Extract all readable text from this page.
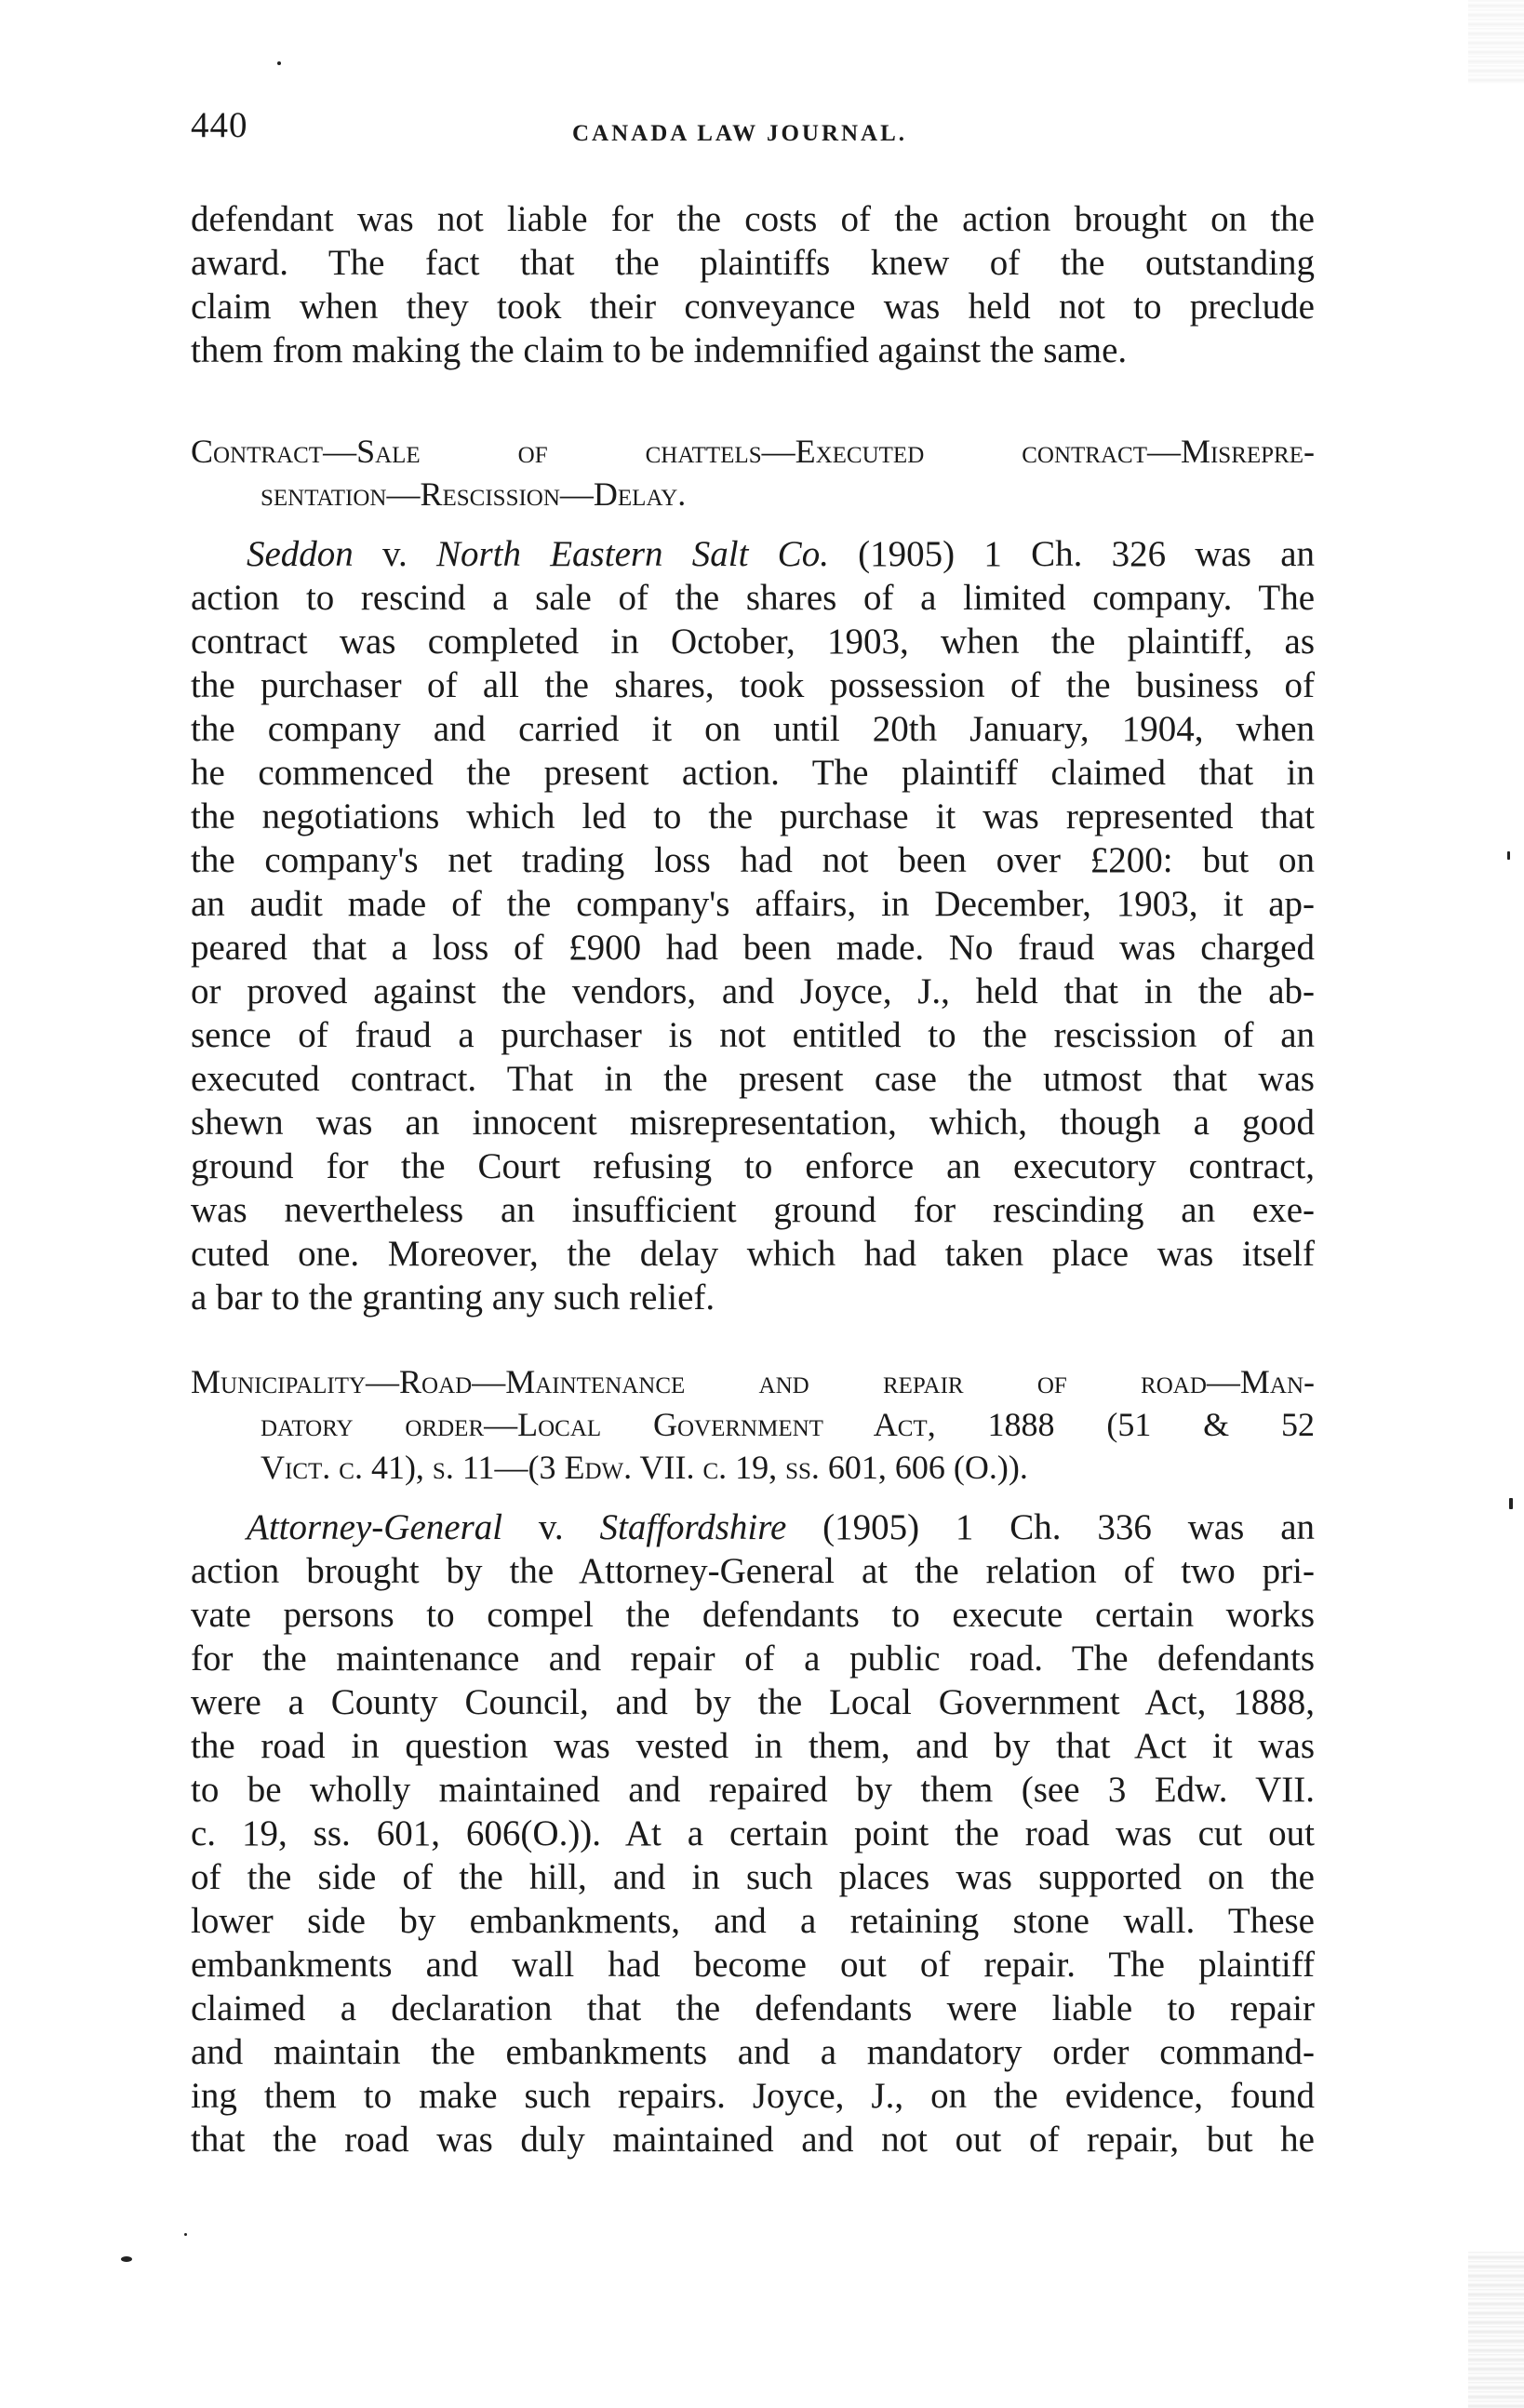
440	CANADA LAW JOURNAL.
defendant was not liable for the costs of the action brought on the
award. The fact that the plaintiffs knew of the outstanding
claim when they took their conveyance was held not to preclude
them from making the claim to be indemnified against the same.
Contract—Sale of chattels—Executed contract—Misrepre-
sentation—Rescission—Delay.
Seddon v. North Eastern Salt Co. (1905) 1 Ch. 326 was an
action to rescind a sale of the shares of a limited company. The
contract was completed in October, 1903, when the plaintiff, as
the purchaser of all the shares, took possession of the business of
the company and carried it on until 20th January, 1904, when
he commenced the present action. The plaintiff claimed that in
the negotiations which led to the purchase it was represented that
the company's net trading loss had not been over £200: but on
an audit made of the company's affairs, in December, 1903, it ap-
peared that a loss of £900 had been made. No fraud was charged
or proved against the vendors, and Joyce, J., held that in the ab-
sence of fraud a purchaser is not entitled to the rescission of an
executed contract. That in the present case the utmost that was
shewn was an innocent misrepresentation, which, though a good
ground for the Court refusing to enforce an executory contract,
was nevertheless an insufficient ground for rescinding an exe-
cuted one. Moreover, the delay which had taken place was itself
a bar to the granting any such relief.
Municipality—Road—Maintenance and repair of road—Man-
datory order—Local Government Act, 1888 (51 & 52
Vict. c. 41), s. 11—(3 Edw. VII. c. 19, ss. 601, 606 (O.)).
Attorney-General v. Staffordshire (1905) 1 Ch. 336 was an
action brought by the Attorney-General at the relation of two pri-
vate persons to compel the defendants to execute certain works
for the maintenance and repair of a public road. The defendants
were a County Council, and by the Local Government Act, 1888,
the road in question was vested in them, and by that Act it was
to be wholly maintained and repaired by them (see 3 Edw. VII.
c. 19, ss. 601, 606(O.)). At a certain point the road was cut out
of the side of the hill, and in such places was supported on the
lower side by embankments, and a retaining stone wall. These
embankments and wall had become out of repair. The plaintiff
claimed a declaration that the defendants were liable to repair
and maintain the embankments and a mandatory order command-
ing them to make such repairs. Joyce, J., on the evidence, found
that the road was duly maintained and not out of repair, but he
